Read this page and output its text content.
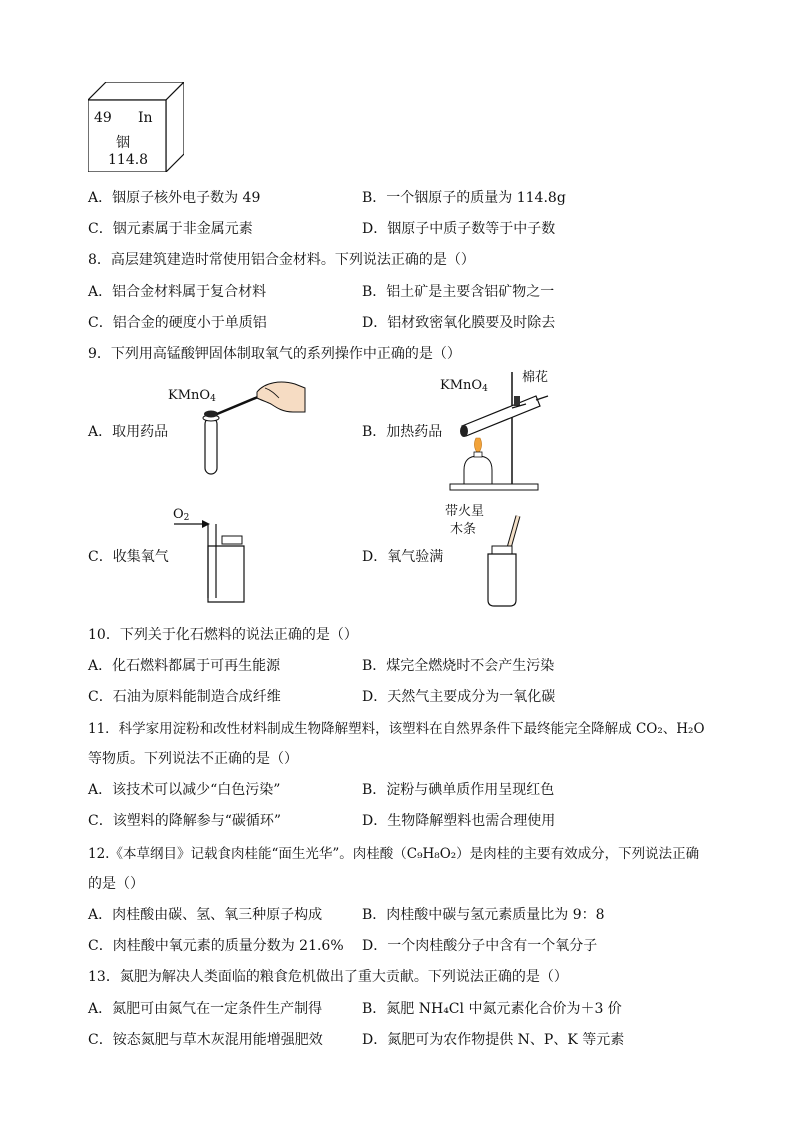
49 In
铟
114.8
A．铟原子核外电子数为 49	B．一个铟原子的质量为 114.8g
C．铟元素属于非金属元素	D．铟原子中质子数等于中子数
8．高层建筑建造时常使用铝合金材料。下列说法正确的是（）
A．铝合金材料属于复合材料	B．铝土矿是主要含铝矿物之一
C．铝合金的硬度小于单质铝	D．铝材致密氧化膜要及时除去
9．下列用高锰酸钾固体制取氧气的系列操作中正确的是（）
KMnO$_4$
A．取用药品
KMnO$_4$
棉花
B．加热药品
$O_2$
C．收集氧气
带火星
木条
D．氧气验满
10．下列关于化石燃料的说法正确的是（）
A．化石燃料都属于可再生能源	B．煤完全燃烧时不会产生污染
C．石油为原料能制造合成纤维	D．天然气主要成分为一氧化碳
11．科学家用淀粉和改性材料制成生物降解塑料，该塑料在自然界条件下最终能完全降解成 CO₂、H₂O
等物质。下列说法不正确的是（）
A．该技术可以减少“白色污染”	B．淀粉与碘单质作用呈现红色
C．该塑料的降解参与“碳循环”	D．生物降解塑料也需合理使用
12.《本草纲目》记载食肉桂能“面生光华”。肉桂酸（C₉H₈O₂）是肉桂的主要有效成分，下列说法正确
的是（）
A．肉桂酸由碳、氢、氧三种原子构成	B．肉桂酸中碳与氢元素质量比为 9：8
C．肉桂酸中氧元素的质量分数为 21.6% D．一个肉桂酸分子中含有一个氧分子
13．氮肥为解决人类面临的粮食危机做出了重大贡献。下列说法正确的是（）
A．氮肥可由氮气在一定条件生产制得	B．氮肥 NH₄Cl 中氮元素化合价为＋3 价
C．铵态氮肥与草木灰混用能增强肥效	D．氮肥可为农作物提供 N、P、K 等元素
